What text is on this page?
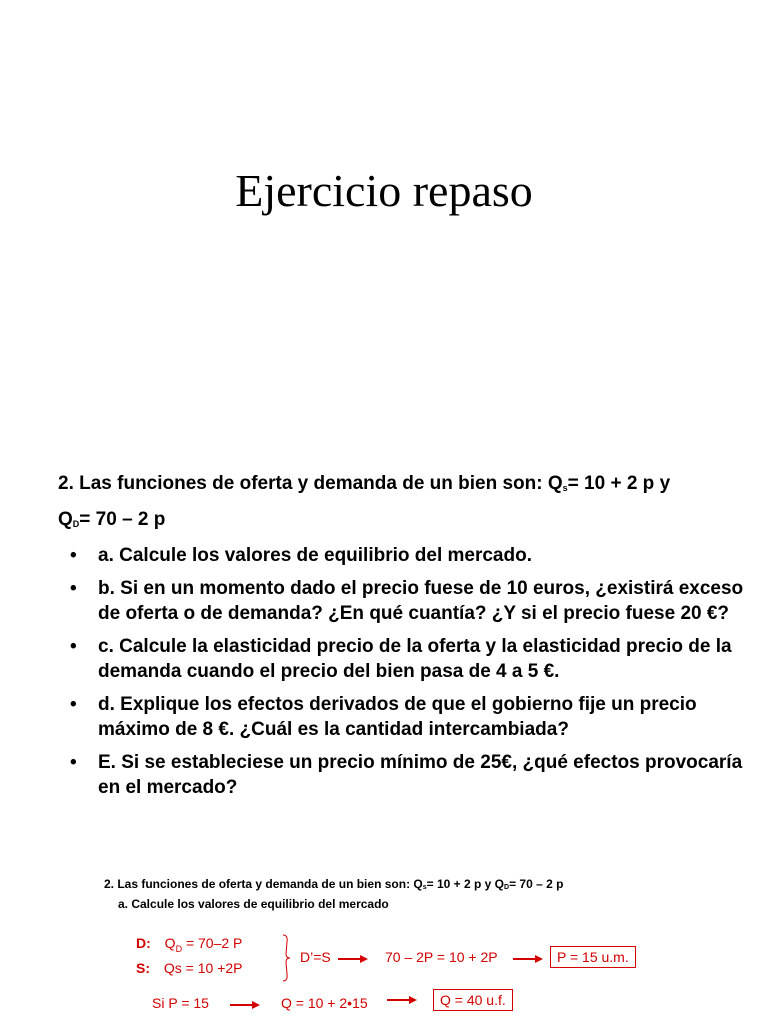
Ejercicio repaso
2. Las funciones de oferta y demanda de un bien son: $Q_s= 10 + 2$ p y
$Q_D= 70 - 2$ p
• a. Calcule los valores de equilibrio del mercado.
• b. Si en un momento dado el precio fuese de 10 euros, ¿existirá exceso de oferta o de demanda? ¿En qué cuantía? ¿Y si el precio fuese 20 €?
• c. Calcule la elasticidad precio de la oferta y la elasticidad precio de la demanda cuando el precio del bien pasa de 4 a 5 €.
• d. Explique los efectos derivados de que el gobierno fije un precio máximo de 8 €. ¿Cuál es la cantidad intercambiada?
• E. Si se estableciese un precio mínimo de 25€, ¿qué efectos provocaría en el mercado?
2. Las funciones de oferta y demanda de un bien son: $Q_s= 10 + 2$ p y $Q_D= 70 - 2$ p
a. Calcule los valores de equilibrio del mercado
D: $Q_D = 70-2$ P
S: Qs = 10 +2P
D’=S	70 – 2P = 10 + 2P	P = 15 u.m.
Si P = 15	Q = 10 + 2•15	Q = 40 u.f.
